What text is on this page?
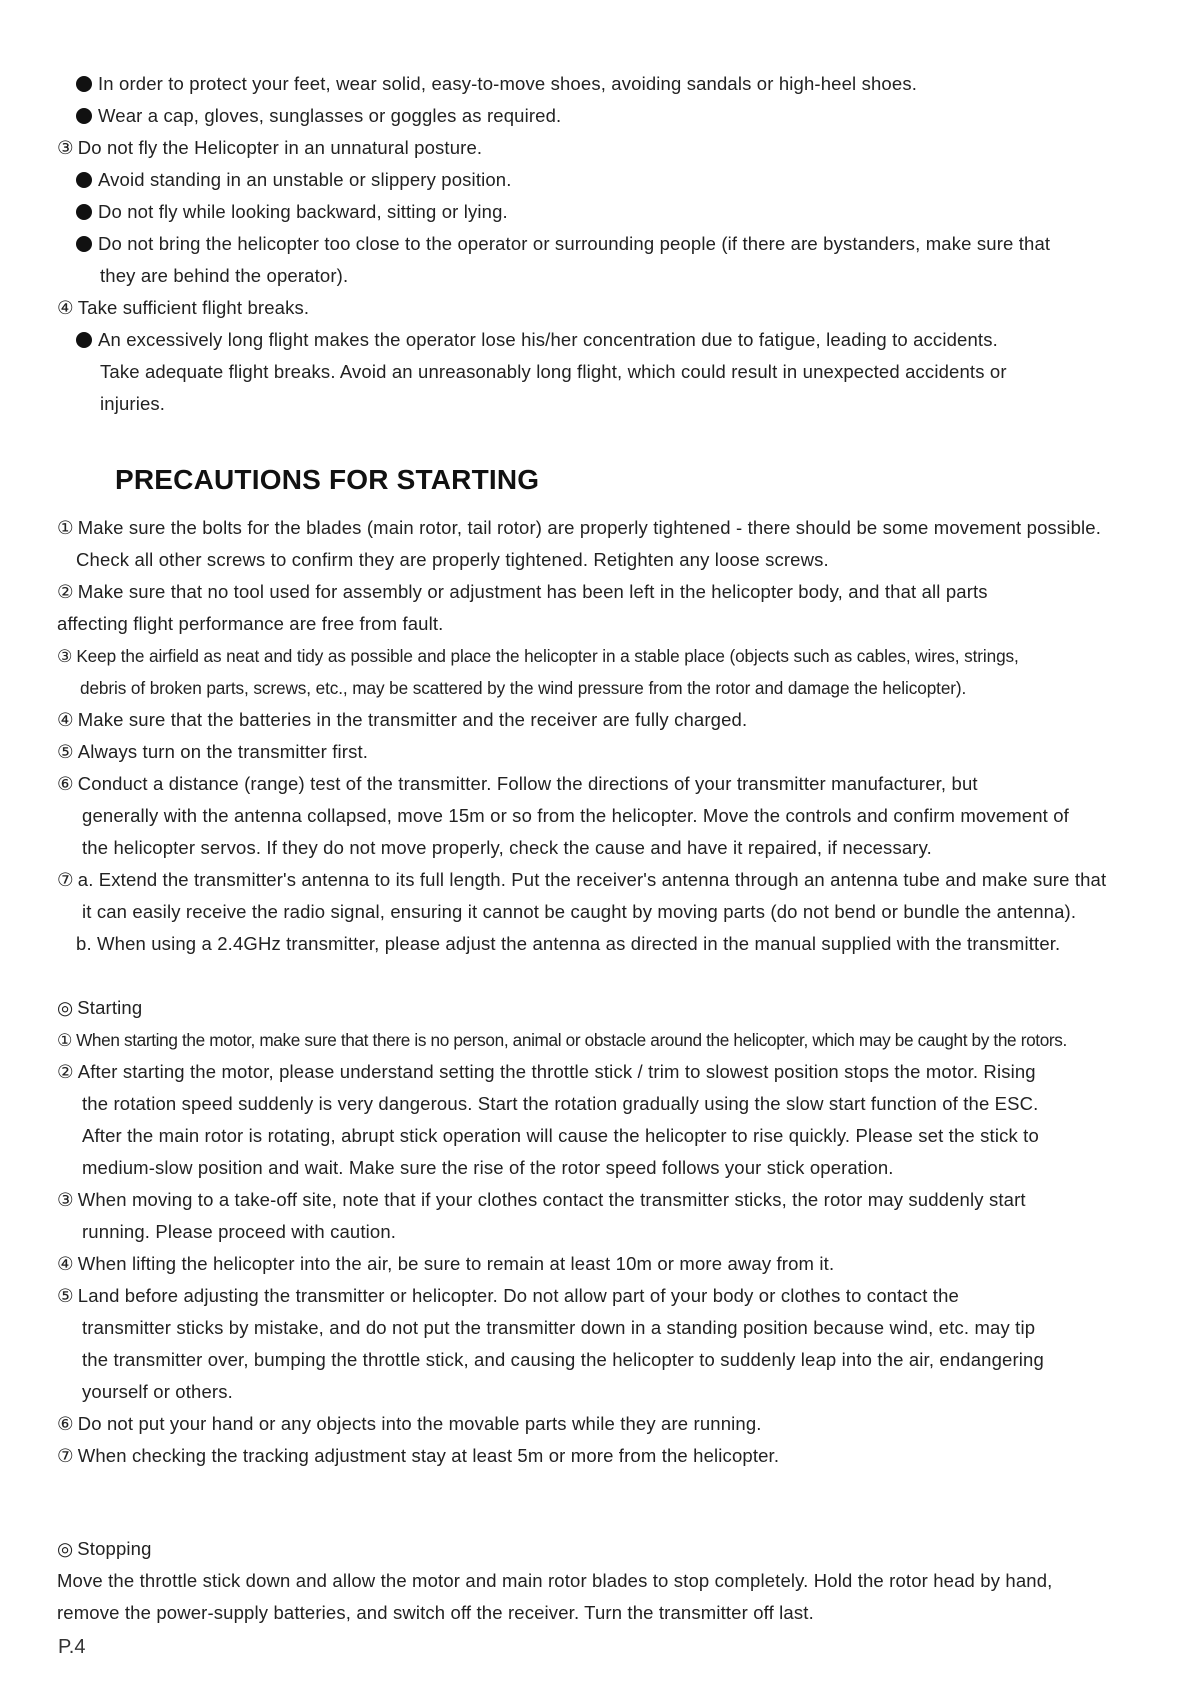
In order to protect your feet, wear solid, easy-to-move shoes, avoiding sandals or high-heel shoes.
Wear a cap, gloves, sunglasses or goggles as required.
③ Do not fly the Helicopter in an unnatural posture.
Avoid standing in an unstable or slippery position.
Do not fly while looking backward, sitting or lying.
Do not bring the helicopter too close to the operator or surrounding people (if there are bystanders, make sure that
they are behind the operator).
④ Take sufficient flight breaks.
An excessively long flight makes the operator lose his/her concentration due to fatigue, leading to accidents.
Take adequate flight breaks. Avoid an unreasonably long flight, which could result in unexpected accidents or
injuries.
PRECAUTIONS FOR STARTING
① Make sure the bolts for the blades (main rotor, tail rotor) are properly tightened - there should be some movement possible.
Check all other screws to confirm they are properly tightened. Retighten any loose screws.
② Make sure that no tool used for assembly or adjustment has been left in the helicopter body, and that all parts
affecting flight performance are free from fault.
③ Keep the airfield as neat and tidy as possible and place the helicopter in a stable place (objects such as cables, wires, strings,
debris of broken parts, screws, etc., may be scattered by the wind pressure from the rotor and damage the helicopter).
④ Make sure that the batteries in the transmitter and the receiver are fully charged.
⑤ Always turn on the transmitter first.
⑥ Conduct a distance (range) test of the transmitter. Follow the directions of your transmitter manufacturer, but
generally with the antenna collapsed, move 15m or so from the helicopter. Move the controls and confirm movement of
the helicopter servos. If they do not move properly, check the cause and have it repaired, if necessary.
⑦ a. Extend the transmitter's antenna to its full length. Put the receiver's antenna through an antenna tube and make sure that
it can easily receive the radio signal, ensuring it cannot be caught by moving parts (do not bend or bundle the antenna).
b. When using a 2.4GHz transmitter, please adjust the antenna as directed in the manual supplied with the transmitter.
◎ Starting
① When starting the motor, make sure that there is no person, animal or obstacle around the helicopter, which may be caught by the rotors.
② After starting the motor, please understand setting the throttle stick / trim to slowest position stops the motor. Rising
the rotation speed suddenly is very dangerous. Start the rotation gradually using the slow start function of the ESC.
After the main rotor is rotating, abrupt stick operation will cause the helicopter to rise quickly. Please set the stick to
medium-slow position and wait. Make sure the rise of the rotor speed follows your stick operation.
③ When moving to a take-off site, note that if your clothes contact the transmitter sticks, the rotor may suddenly start
running. Please proceed with caution.
④ When lifting the helicopter into the air, be sure to remain at least 10m or more away from it.
⑤ Land before adjusting the transmitter or helicopter. Do not allow part of your body or clothes to contact the
transmitter sticks by mistake, and do not put the transmitter down in a standing position because wind, etc. may tip
the transmitter over, bumping the throttle stick, and causing the helicopter to suddenly leap into the air, endangering
yourself or others.
⑥ Do not put your hand or any objects into the movable parts while they are running.
⑦ When checking the tracking adjustment stay at least 5m or more from the helicopter.
◎ Stopping
Move the throttle stick down and allow the motor and main rotor blades to stop completely. Hold the rotor head by hand,
remove the power-supply batteries, and switch off the receiver. Turn the transmitter off last.
P.4
